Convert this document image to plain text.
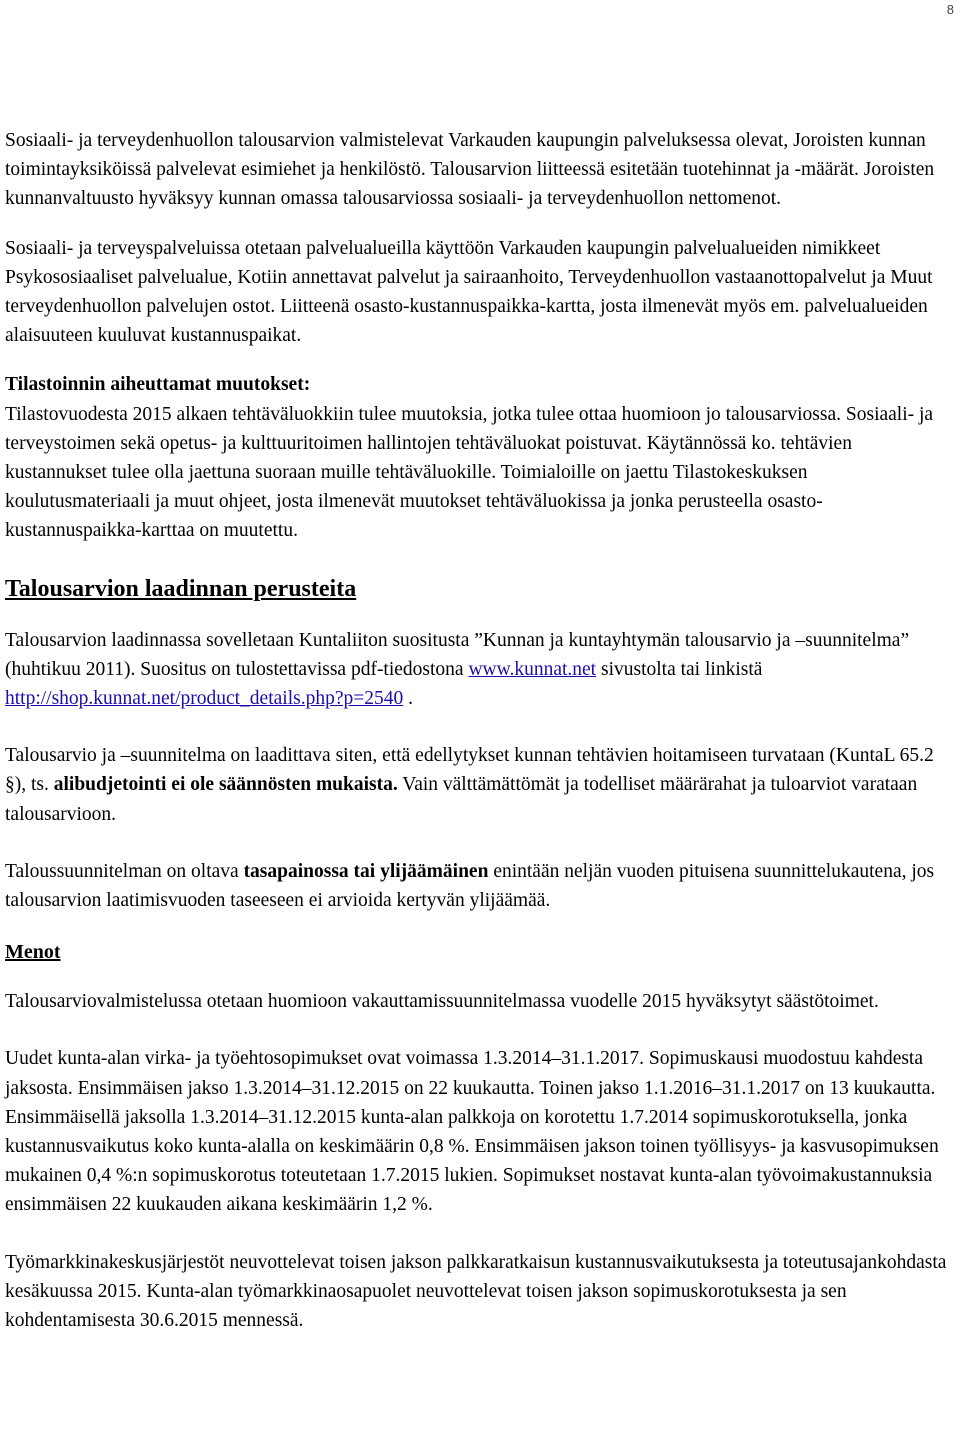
8

Sosiaali- ja terveydenhuollon talousarvion valmistelevat Varkauden kaupungin palveluksessa olevat, Joroisten kunnan toimintayksiköissä palvelevat esimiehet ja henkilöstö. Talousarvion liitteessä esitetään tuotehinnat ja -määrät. Joroisten kunnanvaltuusto hyväksyy kunnan omassa talousarviossa sosiaali- ja terveydenhuollon nettomenot.

Sosiaali- ja terveyspalveluissa otetaan palvelualueilla käyttöön Varkauden kaupungin palvelualueiden nimikkeet Psykososiaaliset palvelualue, Kotiin annettavat palvelut ja sairaanhoito, Terveydenhuollon vastaanottopalvelut ja Muut terveydenhuollon palvelujen ostot. Liitteenä osasto-kustannuspaikka-kartta, josta ilmenevät myös em. palvelualueiden alaisuuteen kuuluvat kustannuspaikat.

Tilastoinnin aiheuttamat muutokset:

Tilastovuodesta 2015 alkaen tehtäväluokkiin tulee muutoksia, jotka tulee ottaa huomioon jo talousarviossa. Sosiaali- ja terveystoimen sekä opetus- ja kulttuuritoimen hallintojen tehtäväluokat poistuvat. Käytännössä ko. tehtävien kustannukset tulee olla jaettuna suoraan muille tehtäväluokille. Toimialoille on jaettu Tilastokeskuksen koulutusmateriaali ja muut ohjeet, josta ilmenevät muutokset tehtäväluokissa ja jonka perusteella osasto-kustannuspaikka-karttaa on muutettu.

Talousarvion laadinnan perusteita

Talousarvion laadinnassa sovelletaan Kuntaliiton suositusta ”Kunnan ja kuntayhtymän talousarvio ja –suunnitelma” (huhtikuu 2011). Suositus on tulostettavissa pdf-tiedostona www.kunnat.net sivustolta tai linkistä http://shop.kunnat.net/product_details.php?p=2540 .

Talousarvio ja –suunnitelma on laadittava siten, että edellytykset kunnan tehtävien hoitamiseen turvataan (KuntaL 65.2 §), ts. alibudjetointi ei ole säännösten mukaista. Vain välttämättömät ja todelliset määrärahat ja tuloarviot varataan talousarvioon.

Taloussuunnitelman on oltava tasapainossa tai ylijäämäinen enintään neljän vuoden pituisena suunnittelukautena, jos talousarvion laatimisvuoden taseeseen ei arvioida kertyvän ylijäämää.

Menot

Talousarviovalmistelussa otetaan huomioon vakauttamissuunnitelmassa vuodelle 2015 hyväksytyt säästötoimet.

Uudet kunta-alan virka- ja työehtosopimukset ovat voimassa 1.3.2014–31.1.2017. Sopimuskausi muodostuu kahdesta jaksosta. Ensimmäisen jakso 1.3.2014–31.12.2015 on 22 kuukautta. Toinen jakso 1.1.2016–31.1.2017 on 13 kuukautta. Ensimmäisellä jaksolla 1.3.2014–31.12.2015 kunta-alan palkkoja on korotettu 1.7.2014 sopimuskorotuksella, jonka kustannusvaikutus koko kunta-alalla on keskimäärin 0,8 %. Ensimmäisen jakson toinen työllisyys- ja kasvusopimuksen mukainen 0,4 %:n sopimuskorotus toteutetaan 1.7.2015 lukien. Sopimukset nostavat kunta-alan työvoimakustannuksia ensimmäisen 22 kuukauden aikana keskimäärin 1,2 %.

Työmarkkinakeskusjärjestöt neuvottelevat toisen jakson palkkaratkaisun kustannusvaikutuksesta ja toteutusajankohdasta kesäkuussa 2015. Kunta-alan työmarkkinaosapuolet neuvottelevat toisen jakson sopimuskorotuksesta ja sen kohdentamisesta 30.6.2015 mennessä.
